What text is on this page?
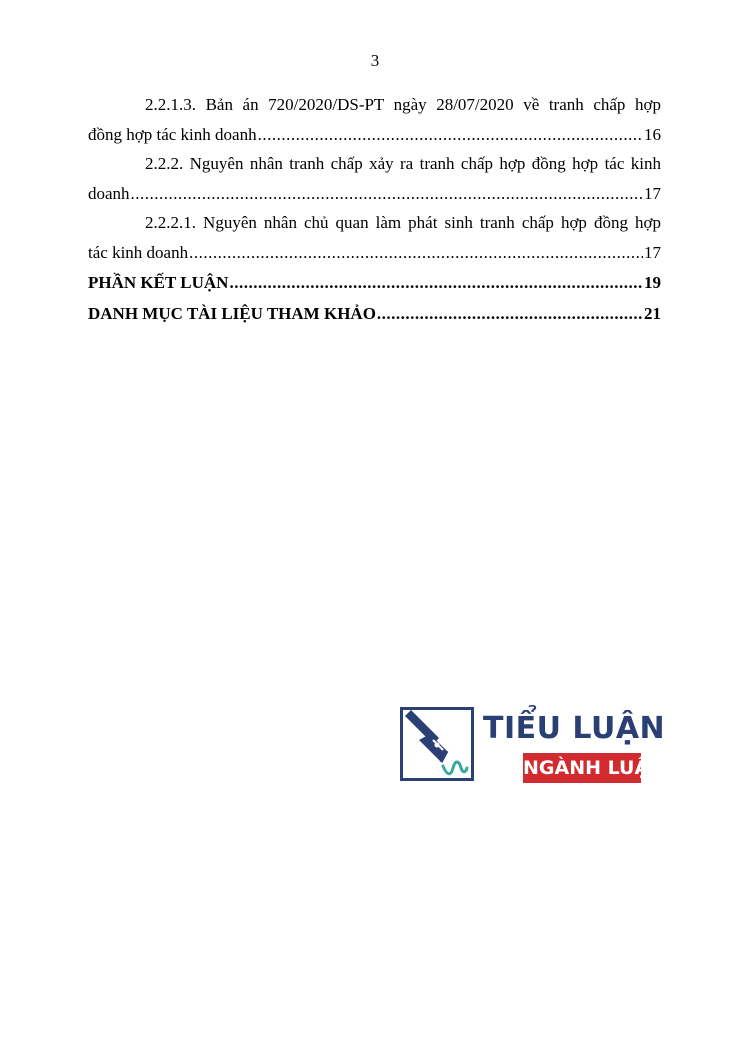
3
2.2.1.3. Bản án 720/2020/DS-PT ngày 28/07/2020 về tranh chấp hợp
đồng hợp tác kinh doanh .....	16
2.2.2. Nguyên nhân tranh chấp xảy ra tranh chấp hợp đồng hợp tác kinh
doanh .....	17
2.2.2.1. Nguyên nhân chủ quan làm phát sinh tranh chấp hợp đồng hợp
tác kinh doanh .....	17
PHẦN KẾT LUẬN .....	19
DANH MỤC TÀI LIỆU THAM KHẢO .....	21
TIỂU LUẬN
NGÀNH LUẬT
